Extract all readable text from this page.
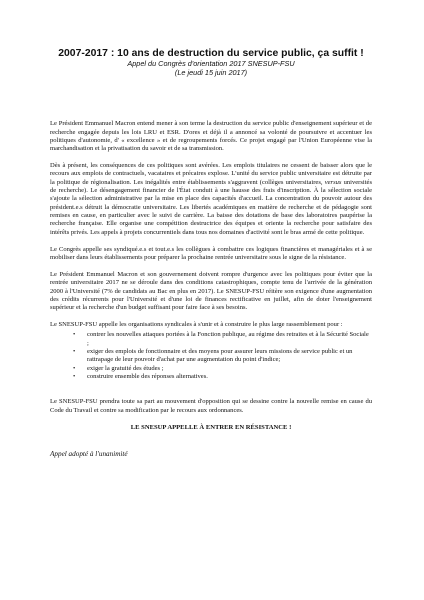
2007-2017 : 10 ans de destruction du service public, ça suffit !
Appel du Congrès d'orientation 2017 SNESUP-FSU
(Le jeudi 15 juin 2017)

Le Président Emmanuel Macron entend mener à son terme la destruction du service public d'enseignement supérieur et de recherche engagée depuis les lois LRU et ESR. D'ores et déjà il a annoncé sa volonté de poursuivre et accentuer les politiques d'autonomie, d' « excellence » et de regroupements forcés. Ce projet engagé par l'Union Européenne vise la marchandisation et la privatisation du savoir et de sa transmission.

Dès à présent, les conséquences de ces politiques sont avérées. Les emplois titulaires ne cessent de baisser alors que le recours aux emplois de contractuels, vacataires et précaires explose. L'unité du service public universitaire est détruite par la politique de régionalisation. Les inégalités entre établissements s'aggravent (collèges universitaires, versus universités de recherche). Le désengagement financier de l'État conduit à une hausse des frais d'inscription. À la sélection sociale s'ajoute la sélection administrative par la mise en place des capacités d'accueil. La concentration du pouvoir autour des président.e.s détruit la démocratie universitaire. Les libertés académiques en matière de recherche et de pédagogie sont remises en cause, en particulier avec le suivi de carrière. La baisse des dotations de base des laboratoires paupérise la recherche française. Elle organise une compétition destructrice des équipes et oriente la recherche pour satisfaire des intérêts privés. Les appels à projets concurrentiels dans tous nos domaines d'activité sont le bras armé de cette politique.

Le Congrès appelle ses syndiqué.e.s et tout.e.s les collègues à combattre ces logiques financières et managériales et à se mobiliser dans leurs établissements pour préparer la prochaine rentrée universitaire sous le signe de la résistance.

Le Président Emmanuel Macron et son gouvernement doivent rompre d'urgence avec les politiques pour éviter que la rentrée universitaire 2017 ne se déroule dans des conditions catastrophiques, compte tenu de l'arrivée de la génération 2000 à l'Université (7% de candidats au Bac en plus en 2017). Le SNESUP-FSU réitère son exigence d'une augmentation des crédits récurrents pour l'Université et d'une loi de finances rectificative en juillet, afin de doter l'enseignement supérieur et la recherche d'un budget suffisant pour faire face à ses besoins.

Le SNESUP-FSU appelle les organisations syndicales à s'unir et à construire le plus large rassemblement pour :

• contrer les nouvelles attaques portées à la Fonction publique, au régime des retraites et à la Sécurité Sociale ;
• exiger des emplois de fonctionnaire et des moyens pour assurer leurs missions de service public et un rattrapage de leur pouvoir d'achat par une augmentation du point d'indice;
• exiger la gratuité des études ;
• construire ensemble des réponses alternatives.

Le SNESUP-FSU prendra toute sa part au mouvement d'opposition qui se dessine contre la nouvelle remise en cause du Code du Travail et contre sa modification par le recours aux ordonnances.

LE SNESUP APPELLE À ENTRER EN RÉSISTANCE !

Appel adopté à l'unanimité
